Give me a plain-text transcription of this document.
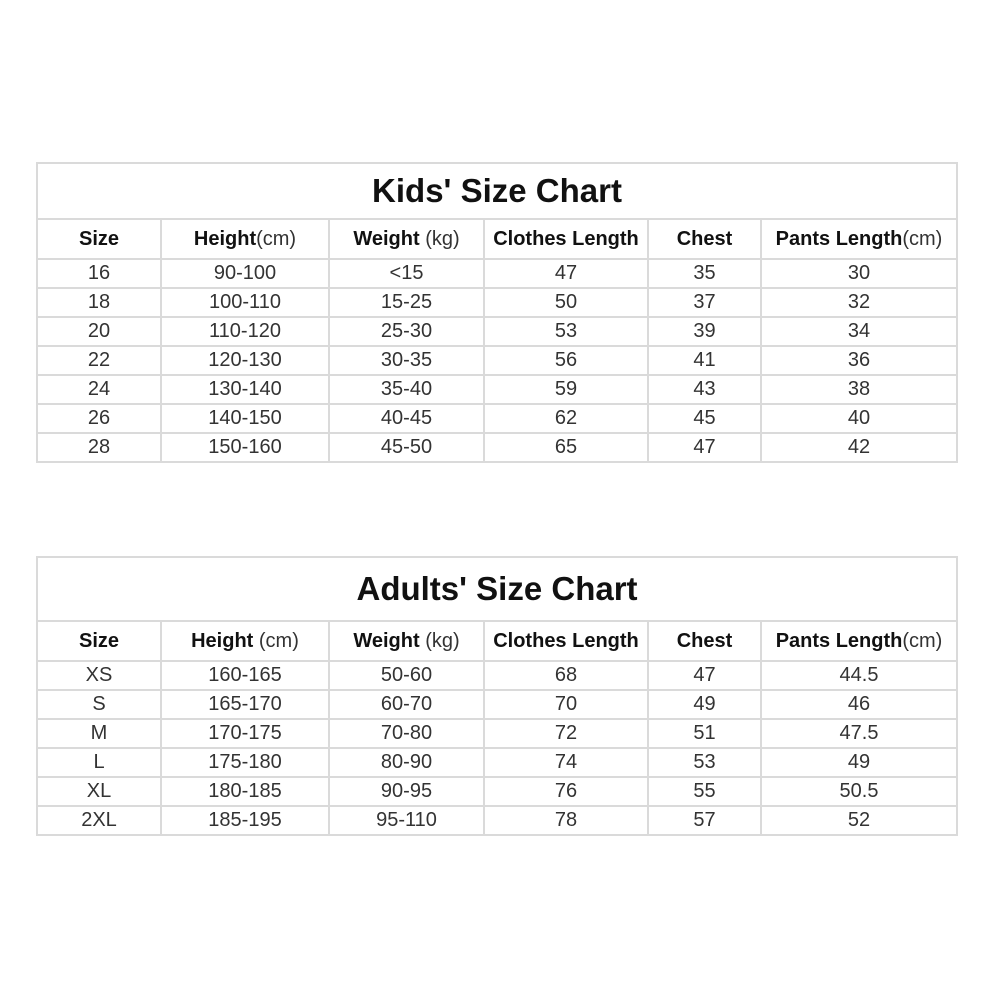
Kids' Size Chart					
Size	Height(cm)	Weight (kg)	Clothes Length	Chest	Pants Length(cm)
16	90-100	<15	47	35	30
18	100-110	15-25	50	37	32
20	110-120	25-30	53	39	34
22	120-130	30-35	56	41	36
24	130-140	35-40	59	43	38
26	140-150	40-45	62	45	40
28	150-160	45-50	65	47	42
Adults' Size Chart					
Size	Height (cm)	Weight (kg)	Clothes Length	Chest	Pants Length(cm)
XS	160-165	50-60	68	47	44.5
S	165-170	60-70	70	49	46
M	170-175	70-80	72	51	47.5
L	175-180	80-90	74	53	49
XL	180-185	90-95	76	55	50.5
2XL	185-195	95-110	78	57	52
